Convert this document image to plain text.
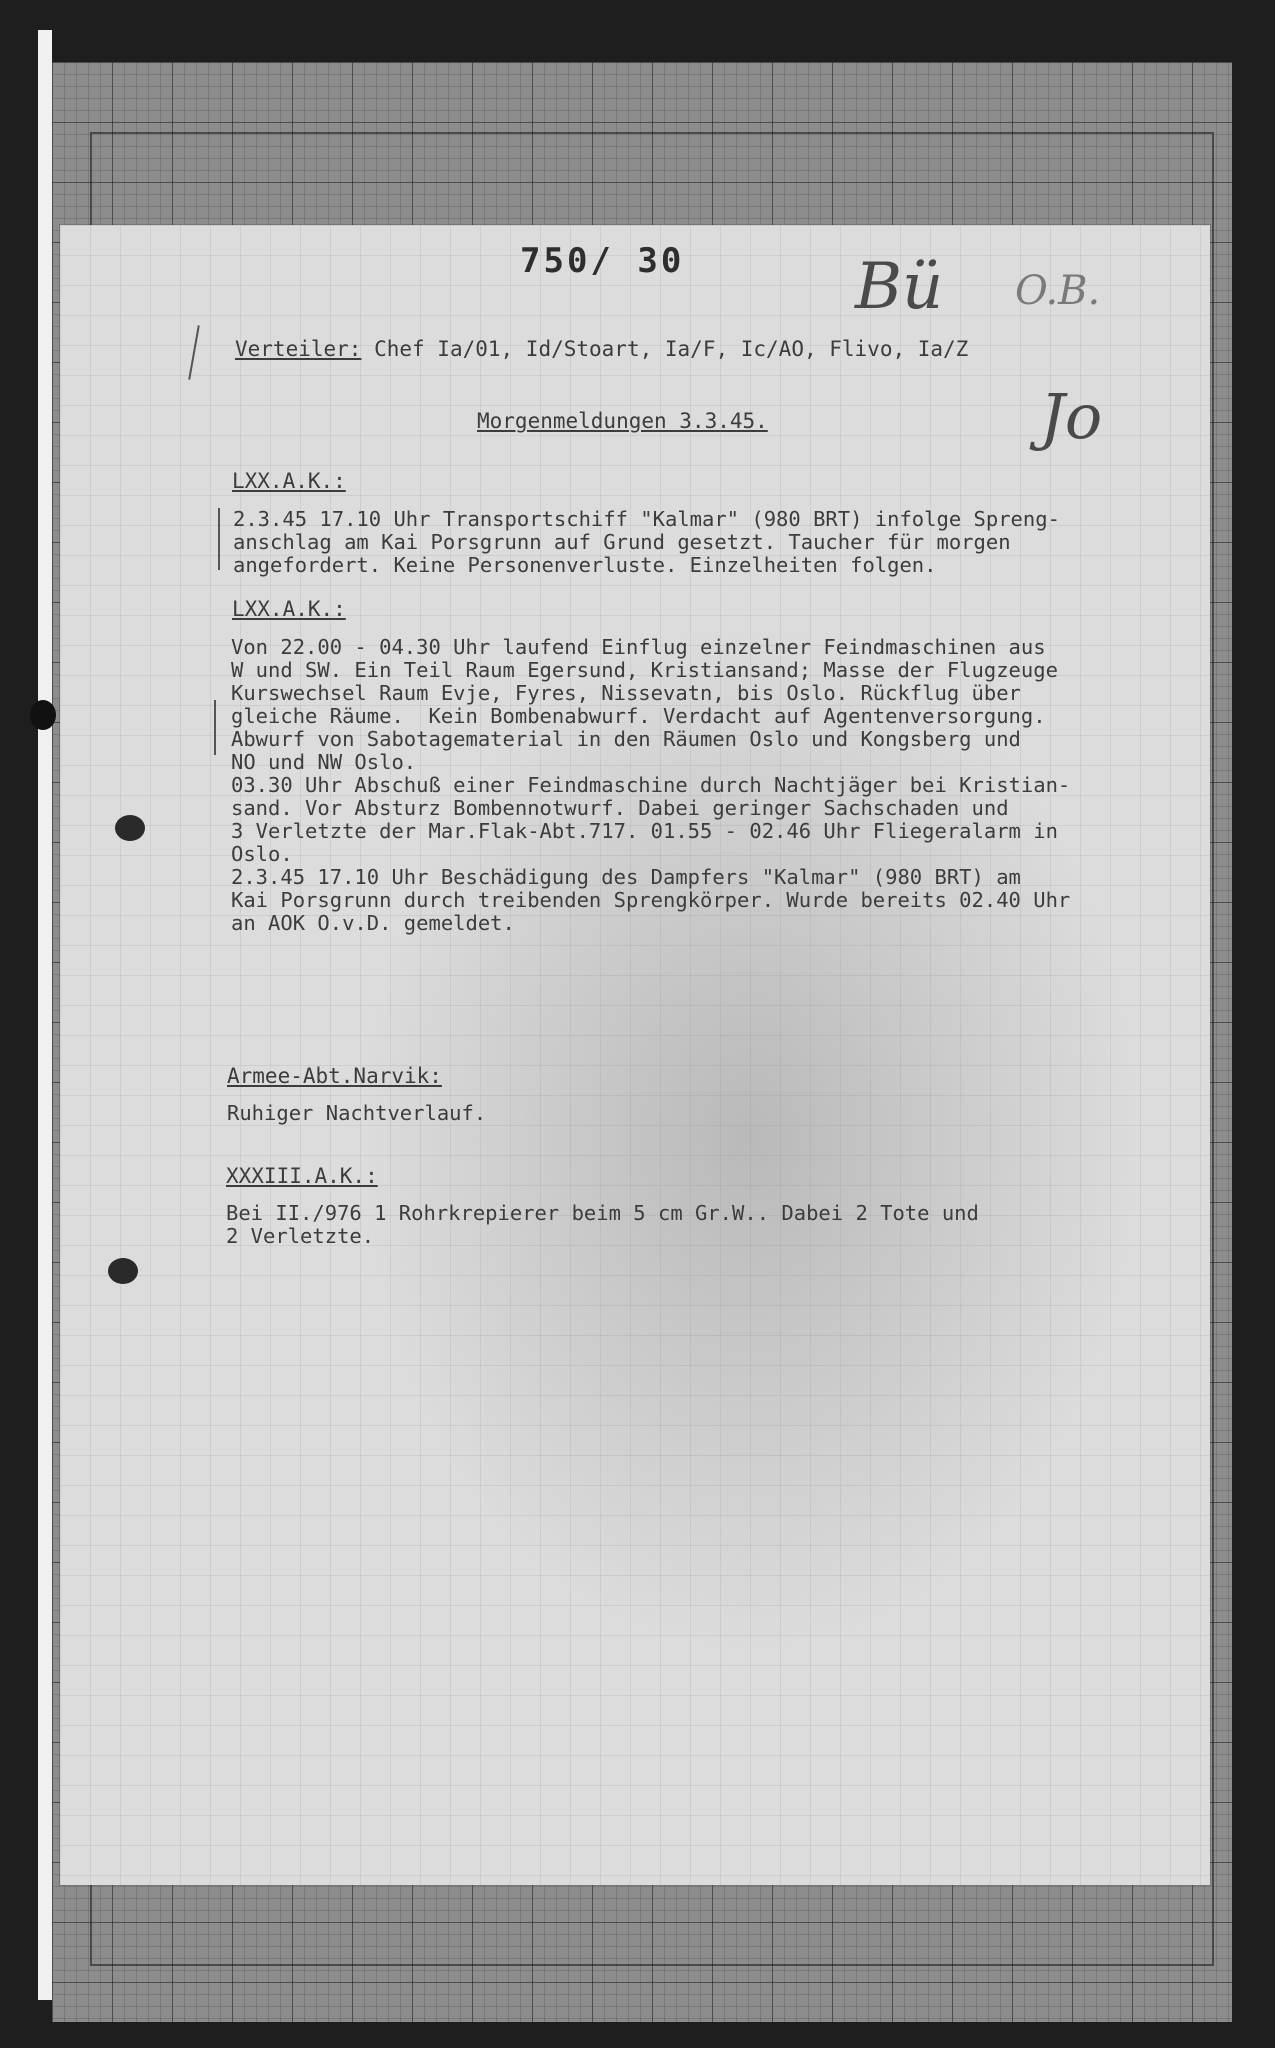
750/ 30	Bü O.B.
Jo
Verteiler: Chef Ia/01, Id/Stoart, Ia/F, Ic/AO, Flivo, Ia/Z
Morgenmeldungen 3.3.45.
LXX.A.K.:
2.3.45 17.10 Uhr Transportschiff "Kalmar" (980 BRT) infolge Spreng-
anschlag am Kai Porsgrunn auf Grund gesetzt. Taucher für morgen
angefordert. Keine Personenverluste. Einzelheiten folgen.
LXX.A.K.:
Von 22.00 - 04.30 Uhr laufend Einflug einzelner Feindmaschinen aus
W und SW. Ein Teil Raum Egersund, Kristiansand; Masse der Flugzeuge
Kurswechsel Raum Evje, Fyres, Nissevatn, bis Oslo. Rückflug über
gleiche Räume.  Kein Bombenabwurf. Verdacht auf Agentenversorgung.
Abwurf von Sabotagematerial in den Räumen Oslo und Kongsberg und
NO und NW Oslo.
03.30 Uhr Abschuß einer Feindmaschine durch Nachtjäger bei Kristian-
sand. Vor Absturz Bombennotwurf. Dabei geringer Sachschaden und
3 Verletzte der Mar.Flak-Abt.717. 01.55 - 02.46 Uhr Fliegeralarm in
Oslo.
2.3.45 17.10 Uhr Beschädigung des Dampfers "Kalmar" (980 BRT) am
Kai Porsgrunn durch treibenden Sprengkörper. Wurde bereits 02.40 Uhr
an AOK O.v.D. gemeldet.
Armee-Abt.Narvik:
Ruhiger Nachtverlauf.
XXXIII.A.K.:
Bei II./976 1 Rohrkrepierer beim 5 cm Gr.W.. Dabei 2 Tote und
2 Verletzte.
